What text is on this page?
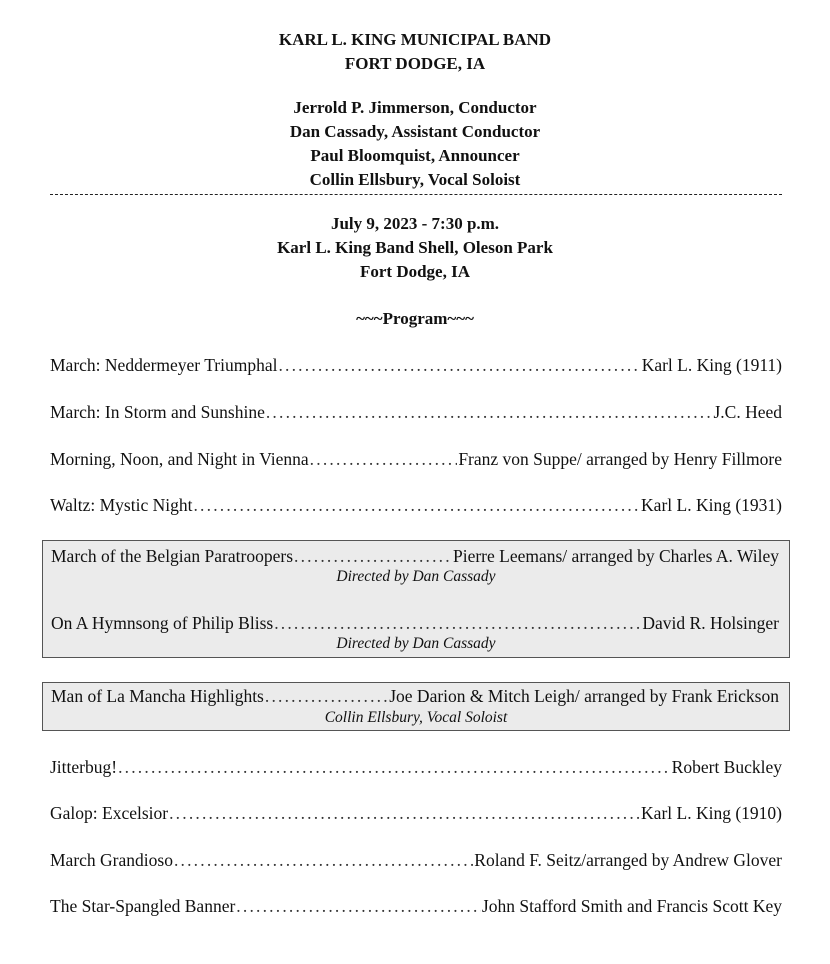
KARL L. KING MUNICIPAL BAND
FORT DODGE, IA
Jerrold P. Jimmerson, Conductor
Dan Cassady, Assistant Conductor
Paul Bloomquist, Announcer
Collin Ellsbury, Vocal Soloist
July 9, 2023 - 7:30 p.m.
Karl L. King Band Shell, Oleson Park
Fort Dodge, IA
~~~Program~~~
March: Neddermeyer Triumphal .....	Karl L. King (1911)
March: In Storm and Sunshine .....	J.C. Heed
Morning, Noon, and Night in Vienna .....	Franz von Suppe/ arranged by Henry Fillmore
Waltz: Mystic Night .....	Karl L. King (1931)
March of the Belgian Paratroopers .....	Pierre Leemans/ arranged by Charles A. Wiley
Directed by Dan Cassady
On A Hymnsong of Philip Bliss .....	David R. Holsinger
Directed by Dan Cassady
Man of La Mancha Highlights .....	Joe Darion & Mitch Leigh/ arranged by Frank Erickson
Collin Ellsbury, Vocal Soloist
Jitterbug! .....	Robert Buckley
Galop: Excelsior .....	Karl L. King (1910)
March Grandioso .....	Roland F. Seitz/arranged by Andrew Glover
The Star-Spangled Banner .....	John Stafford Smith and Francis Scott Key
